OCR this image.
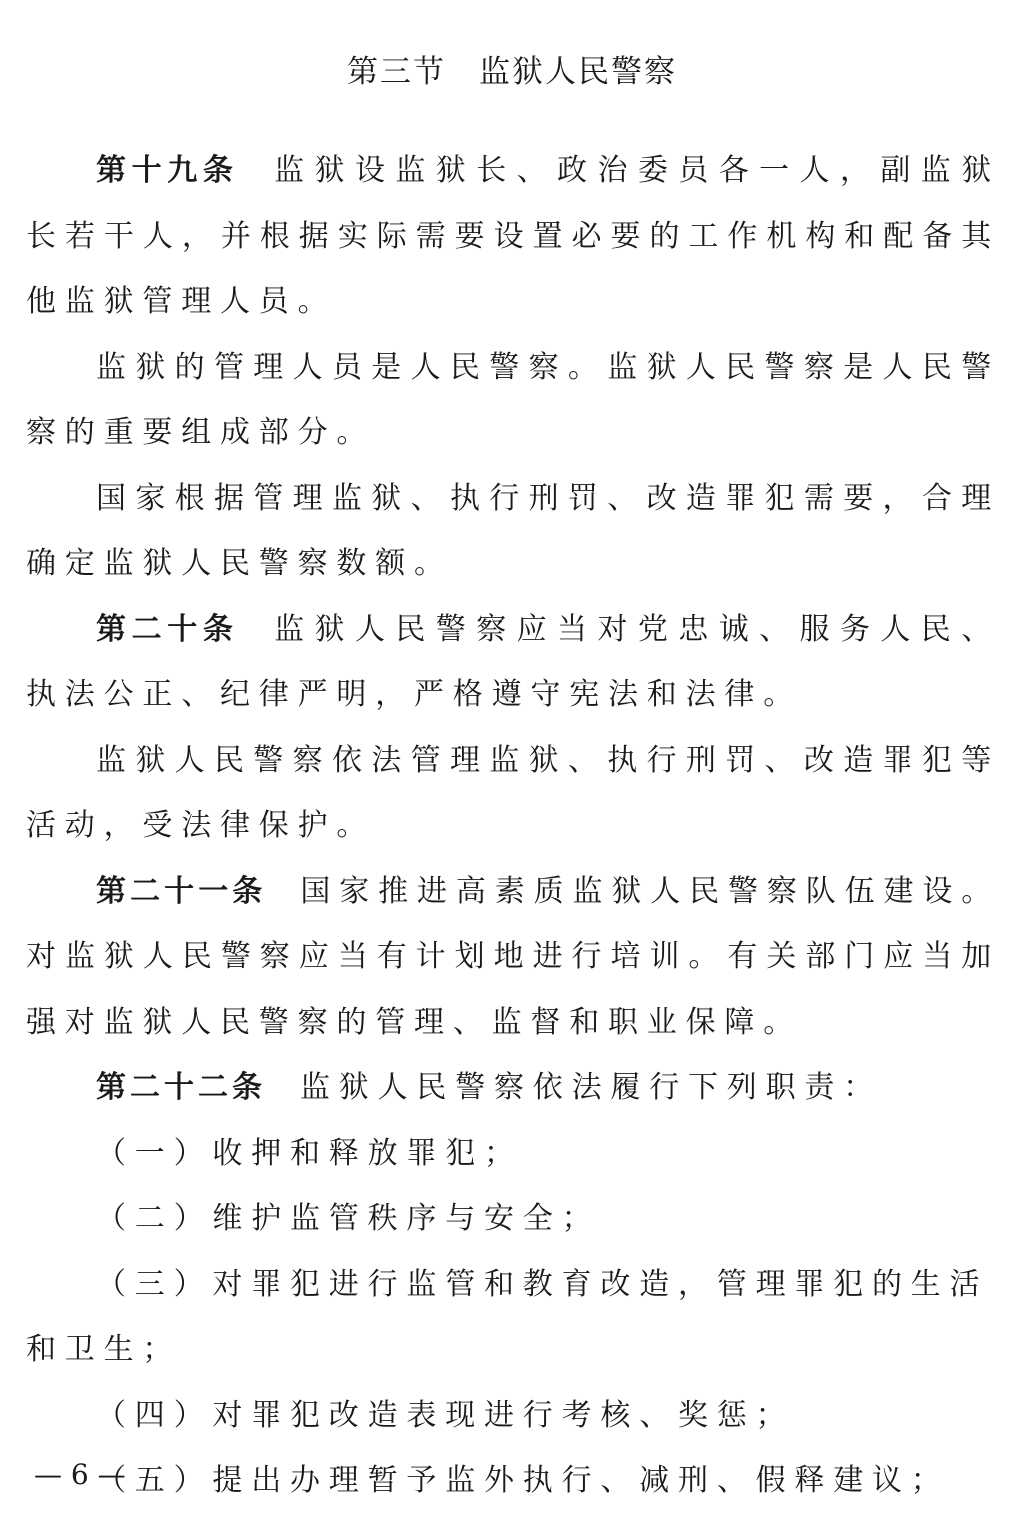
第三节　监狱人民警察

第十九条 监狱设监狱长、政治委员各一人，副监狱长若干人，并根据实际需要设置必要的工作机构和配备其他监狱管理人员。

监狱的管理人员是人民警察。监狱人民警察是人民警察的重要组成部分。

国家根据管理监狱、执行刑罚、改造罪犯需要，合理确定监狱人民警察数额。

第二十条 监狱人民警察应当对党忠诚、服务人民、执法公正、纪律严明，严格遵守宪法和法律。

监狱人民警察依法管理监狱、执行刑罚、改造罪犯等活动，受法律保护。

第二十一条 国家推进高素质监狱人民警察队伍建设。对监狱人民警察应当有计划地进行培训。有关部门应当加强对监狱人民警察的管理、监督和职业保障。

第二十二条 监狱人民警察依法履行下列职责：

（一）收押和释放罪犯；

（二）维护监管秩序与安全；

（三）对罪犯进行监管和教育改造，管理罪犯的生活和卫生；

（四）对罪犯改造表现进行考核、奖惩；

（五）提出办理暂予监外执行、减刑、假释建议；

— 6 —
